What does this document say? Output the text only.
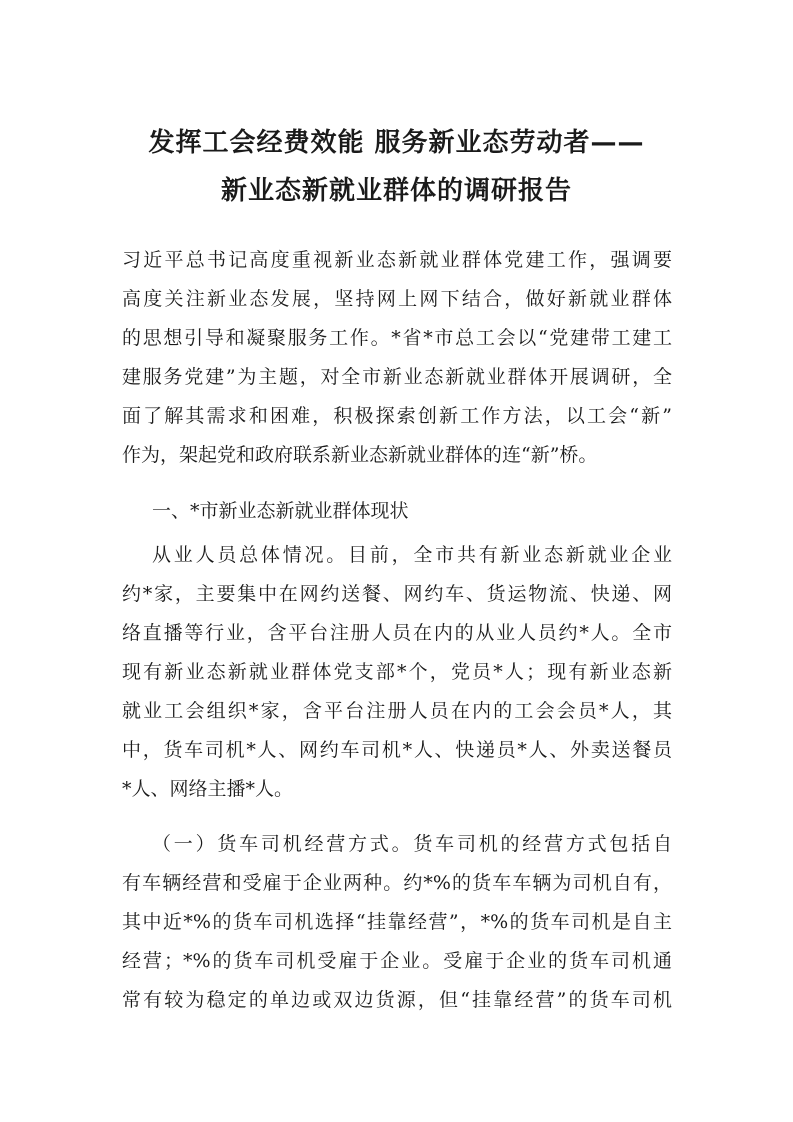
发挥工会经费效能 服务新业态劳动者——
新业态新就业群体的调研报告
习近平总书记高度重视新业态新就业群体党建工作，强调要
高度关注新业态发展，坚持网上网下结合，做好新就业群体
的思想引导和凝聚服务工作。*省*市总工会以“党建带工建工
建服务党建”为主题，对全市新业态新就业群体开展调研，全
面了解其需求和困难，积极探索创新工作方法，以工会“新”
作为，架起党和政府联系新业态新就业群体的连“新”桥。
一、*市新业态新就业群体现状
从业人员总体情况。目前，全市共有新业态新就业企业
约*家，主要集中在网约送餐、网约车、货运物流、快递、网
络直播等行业，含平台注册人员在内的从业人员约*人。全市
现有新业态新就业群体党支部*个，党员*人；现有新业态新
就业工会组织*家，含平台注册人员在内的工会会员*人，其
中，货车司机*人、网约车司机*人、快递员*人、外卖送餐员
*人、网络主播*人。
（一）货车司机经营方式。货车司机的经营方式包括自
有车辆经营和受雇于企业两种。约*%的货车车辆为司机自有，
其中近*%的货车司机选择“挂靠经营”，*%的货车司机是自主
经营；*%的货车司机受雇于企业。受雇于企业的货车司机通
常有较为稳定的单边或双边货源，但“挂靠经营”的货车司机
